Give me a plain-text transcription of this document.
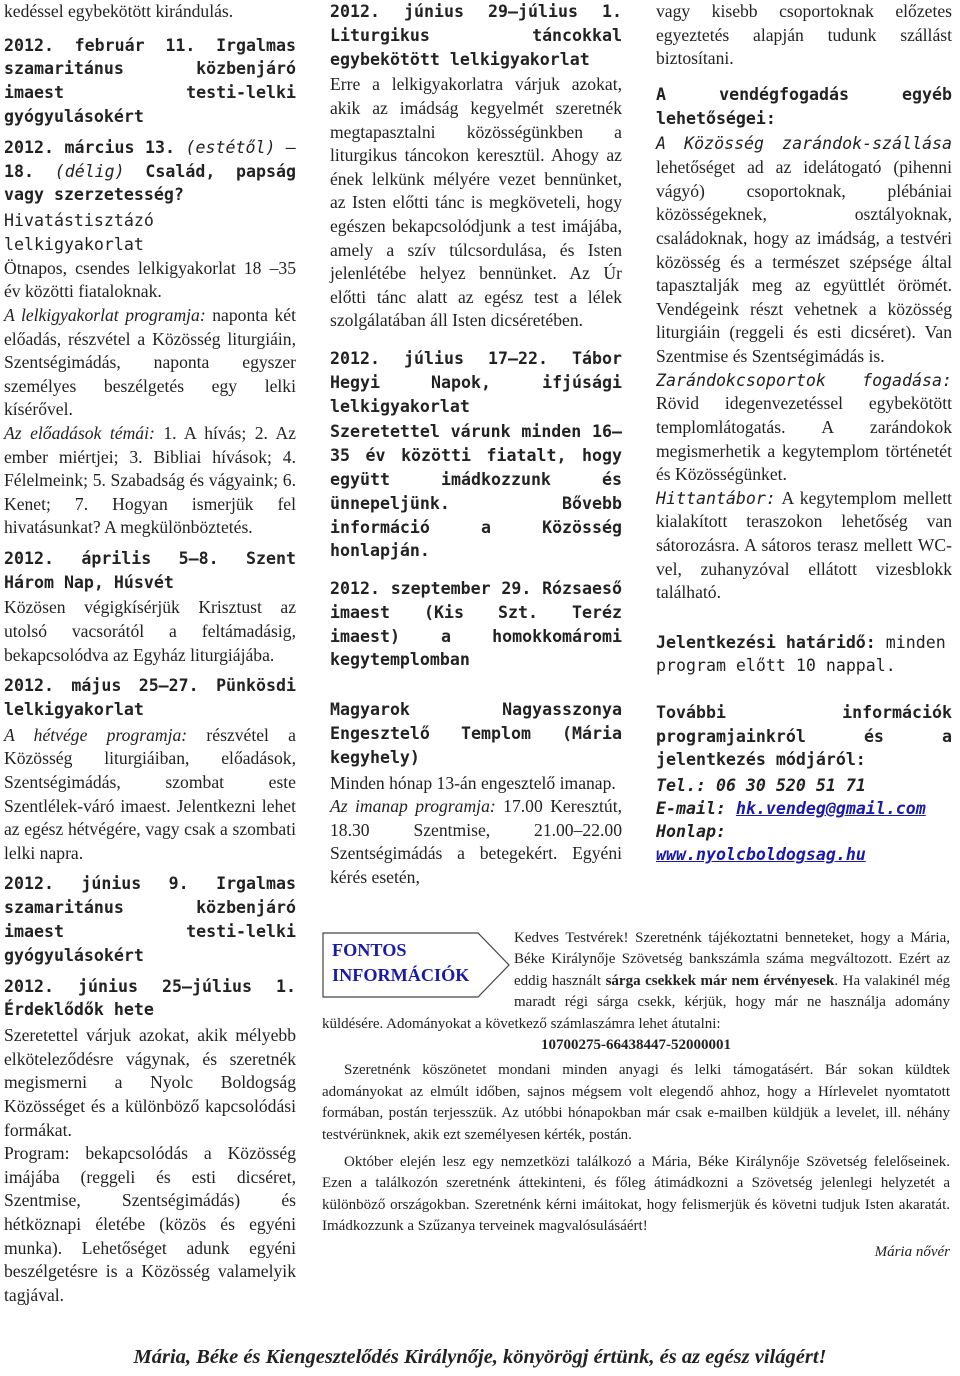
kedéssel egybekötött kirándulás.

2012. február 11. Irgalmas szamaritánus közbenjáró imaest testi-lelki gyógyulásokért

2012. március 13. (estétől) – 18. (délig) Család, papság vagy szerzetesség?

Hivatástisztázó lelkigyakorlat

Ötnapos, csendes lelkigyakorlat 18 –35 év közötti fiataloknak.

A lelkigyakorlat programja: naponta két előadás, részvétel a Közösség liturgiáin, Szentségimádás, naponta egyszer személyes beszélgetés egy lelki kísérővel.

Az előadások témái: 1. A hívás; 2. Az ember miértjei; 3. Bibliai hívások; 4. Félelmeink; 5. Szabadság és vágyaink; 6. Kenet; 7. Hogyan ismerjük fel hivatásunkat? A megkülönböztetés.

2012. április 5–8. Szent Három Nap, Húsvét

Közösen végigkísérjük Krisztust az utolsó vacsorától a feltámadásig, bekapcsolódva az Egyház liturgiájába.

2012. május 25–27. Pünkösdi lelkigyakorlat

A hétvége programja: részvétel a Közösség liturgiáiban, előadások, Szentségimádás, szombat este Szentlélek-váró imaest. Jelentkezni lehet az egész hétvégére, vagy csak a szombati lelki napra.

2012. június 9. Irgalmas szamaritánus közbenjáró imaest testi-lelki gyógyulásokért

2012. június 25–július 1. Érdeklődők hete

Szeretettel várjuk azokat, akik mélyebb elköteleződésre vágynak, és szeretnék megismerni a Nyolc Boldogság Közösséget és a különböző kapcsolódási formákat.

Program: bekapcsolódás a Közösség imájába (reggeli és esti dicséret, Szentmise, Szentségimádás) és hétköznapi életébe (közös és egyéni munka). Lehetőséget adunk egyéni beszélgetésre is a Közösség valamelyik tagjával.

2012. június 29–július 1. Liturgikus táncokkal egybekötött lelkigyakorlat

Erre a lelkigyakorlatra várjuk azokat, akik az imádság kegyelmét szeretnék megtapasztalni közösségünkben a liturgikus táncokon keresztül. Ahogy az ének lelkünk mélyére vezet bennünket, az Isten előtti tánc is megköveteli, hogy egészen bekapcsolódjunk a test imájába, amely a szív túlcsordulása, és Isten jelenlétébe helyez bennünket. Az Úr előtti tánc alatt az egész test a lélek szolgálatában áll Isten dicséretében.

2012. július 17–22. Tábor Hegyi Napok, ifjúsági lelkigyakorlat

Szeretettel várunk minden 16–35 év közötti fiatalt, hogy együtt imádkozzunk és ünnepeljünk. Bővebb információ a Közösség honlapján.

2012. szeptember 29. Rózsaeső imaest (Kis Szt. Teréz imaest) a homokkomáromi kegytemplomban

Magyarok Nagyasszonya Engesztelő Templom (Mária kegyhely)

Minden hónap 13-án engesztelő imanap.

Az imanap programja: 17.00 Keresztút, 18.30 Szentmise, 21.00–22.00 Szentségimádás a betegekért. Egyéni kérés esetén,

vagy kisebb csoportoknak előzetes egyeztetés alapján tudunk szállást biztosítani.

A vendégfogadás egyéb lehetőségei:

A Közösség zarándok-szállása lehetőséget ad az idelátogató (pihenni vágyó) csoportoknak, plébániai közösségeknek, osztályoknak, családoknak, hogy az imádság, a testvéri közösség és a természet szépsége által tapasztalják meg az együttlét örömét. Vendégeink részt vehetnek a közösség liturgiáin (reggeli és esti dicséret). Van Szentmise és Szentségimádás is.

Zarándokcsoportok fogadása: Rövid idegenvezetéssel egybekötött templomlátogatás. A zarándokok megismerhetik a kegytemplom történetét és Közösségünket.

Hittantábor: A kegytemplom mellett kialakított teraszokon lehetőség van sátorozásra. A sátoros terasz mellett WC-vel, zuhanyzóval ellátott vizesblokk található.

Jelentkezési határidő: minden program előtt 10 nappal.

További információk programjainkról és a jelentkezés módjáról:

Tel.: 06 30 520 51 71
E-mail: hk.vendeg@gmail.com
Honlap:
www.nyolcboldogsag.hu
FONTOS INFORMÁCIÓK

Kedves Testvérek! Szeretnénk tájékoztatni benneteket, hogy a Mária, Béke Királynője Szövetség bankszámla száma megváltozott. Ezért az eddig használt sárga csekkek már nem érvényesek. Ha valakinél még maradt régi sárga csekk, kérjük, hogy már ne használja adomány küldésére. Adományokat a következő számlaszámra lehet átutalni:

10700275-66438447-52000001

Szeretnénk köszönetet mondani minden anyagi és lelki támogatásért. Bár sokan küldtek adományokat az elmúlt időben, sajnos mégsem volt elegendő ahhoz, hogy a Hírlevelet nyomtatott formában, postán terjesszük. Az utóbbi hónapokban már csak e-mailben küldjük a levelet, ill. néhány testvérünknek, akik ezt személyesen kérték, postán.

Október elején lesz egy nemzetközi találkozó a Mária, Béke Királynője Szövetség felelőseinek. Ezen a találkozón szeretnénk áttekinteni, és főleg átimádkozni a Szövetség jelenlegi helyzetét a különböző országokban. Szeretnénk kérni imáitokat, hogy felismerjük és követni tudjuk Isten akaratát. Imádkozzunk a Szűzanya terveinek magvalósulásáért!

Mária nővér

Mária, Béke és Kiengesztelődés Királynője, könyörögj értünk, és az egész világért!
